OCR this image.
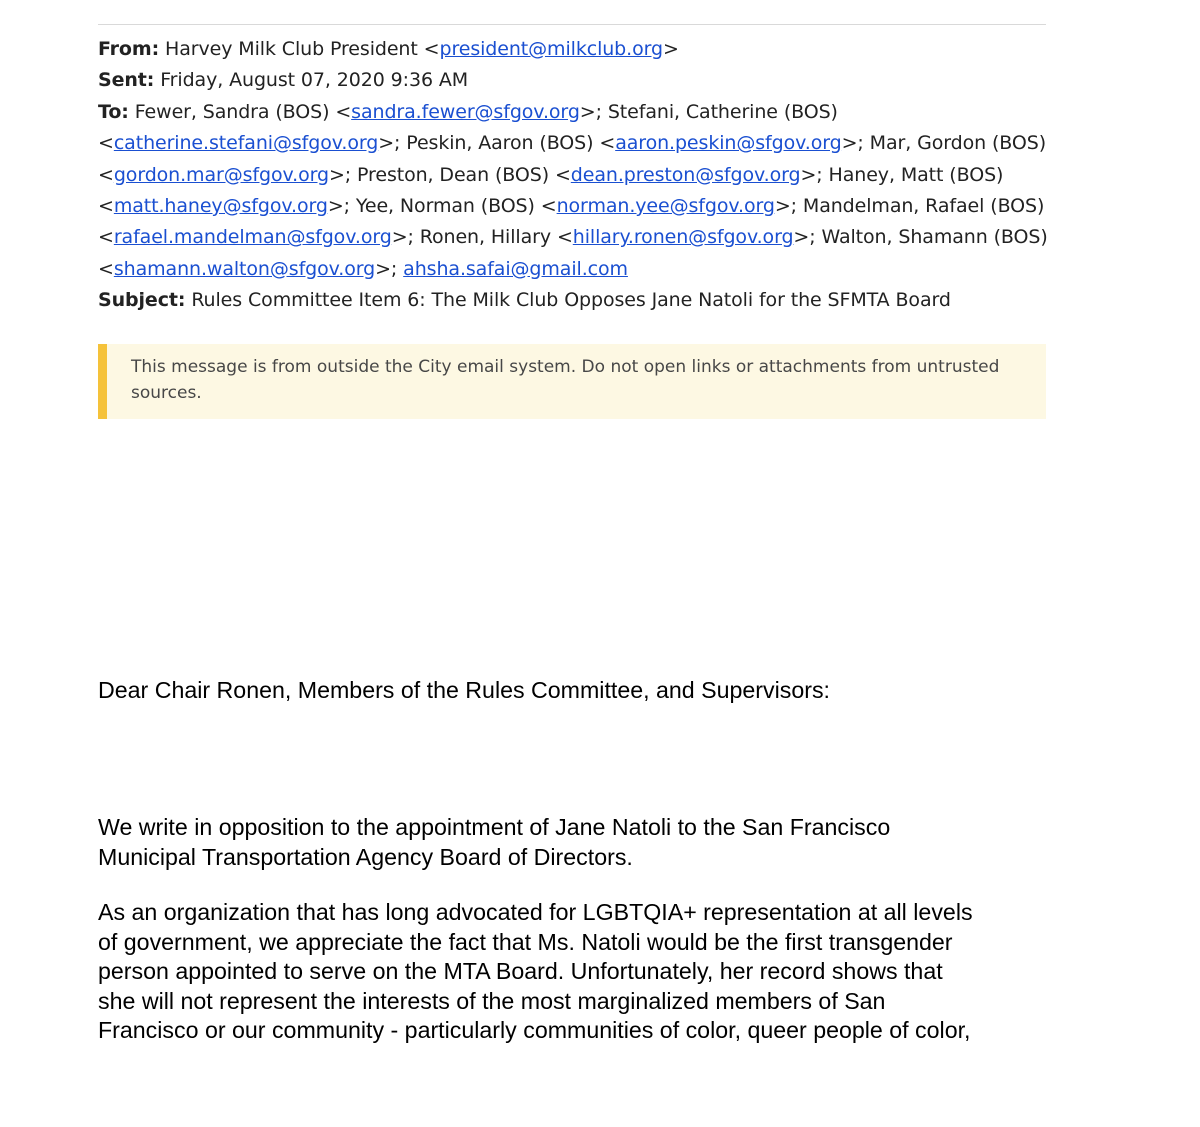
From: Harvey Milk Club President <president@milkclub.org>
Sent: Friday, August 07, 2020 9:36 AM
To: Fewer, Sandra (BOS) <sandra.fewer@sfgov.org>; Stefani, Catherine (BOS)
<catherine.stefani@sfgov.org>; Peskin, Aaron (BOS) <aaron.peskin@sfgov.org>; Mar, Gordon (BOS)
<gordon.mar@sfgov.org>; Preston, Dean (BOS) <dean.preston@sfgov.org>; Haney, Matt (BOS)
<matt.haney@sfgov.org>; Yee, Norman (BOS) <norman.yee@sfgov.org>; Mandelman, Rafael (BOS)
<rafael.mandelman@sfgov.org>; Ronen, Hillary <hillary.ronen@sfgov.org>; Walton, Shamann (BOS)
<shamann.walton@sfgov.org>; ahsha.safai@gmail.com
Subject: Rules Committee Item 6: The Milk Club Opposes Jane Natoli for the SFMTA Board
This message is from outside the City email system. Do not open links or attachments from untrusted sources.
Dear Chair Ronen, Members of the Rules Committee, and Supervisors:
We write in opposition to the appointment of Jane Natoli to the San Francisco
Municipal Transportation Agency Board of Directors.
As an organization that has long advocated for LGBTQIA+ representation at all levels
of government, we appreciate the fact that Ms. Natoli would be the first transgender
person appointed to serve on the MTA Board. Unfortunately, her record shows that
she will not represent the interests of the most marginalized members of San
Francisco or our community - particularly communities of color, queer people of color,
